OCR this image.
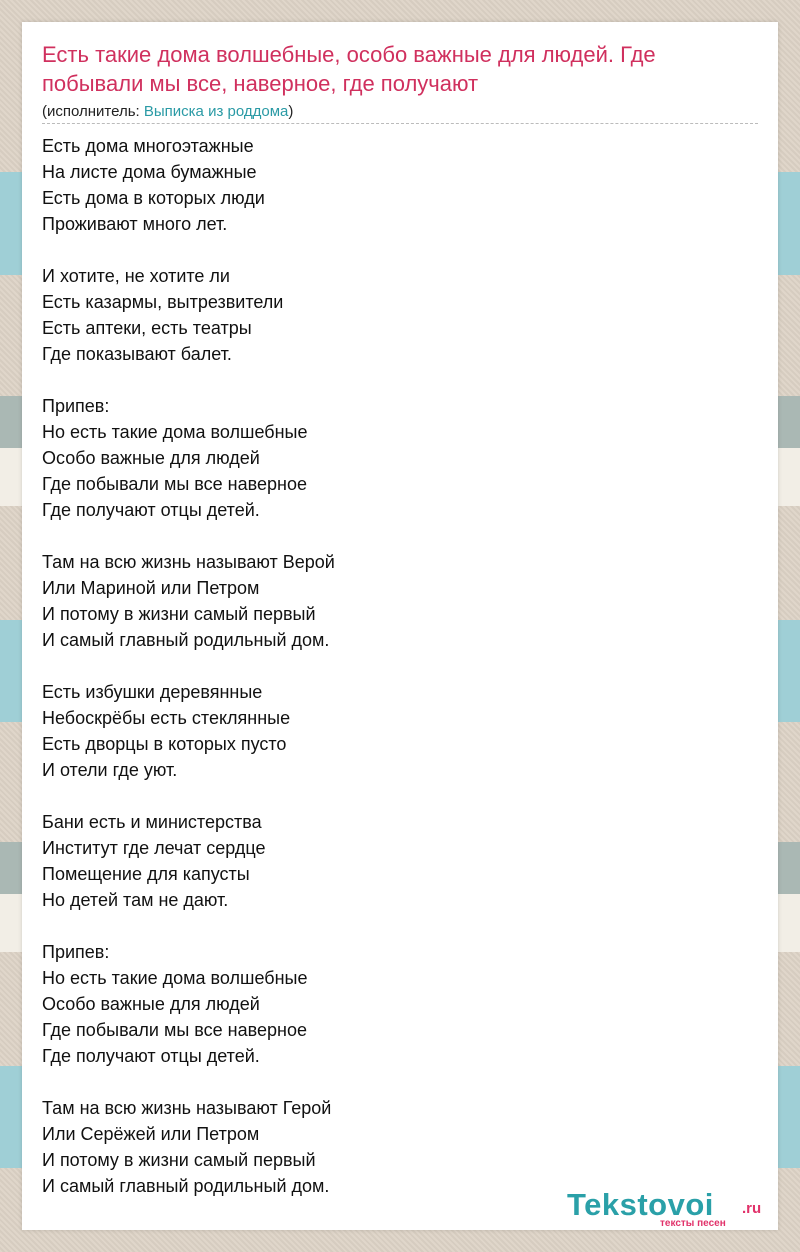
Есть такие дома волшебные, особо важные для людей. Где побывали мы все, наверное, где получают
(исполнитель: Выписка из роддома)
Есть дома многоэтажные
На листе дома бумажные
Есть дома в которых люди
Проживают много лет.
И хотите, не хотите ли
Есть казармы, вытрезвители
Есть аптеки, есть театры
Где показывают балет.
Припев:
Но есть такие дома волшебные
Особо важные для людей
Где побывали мы все наверное
Где получают отцы детей.
Там на всю жизнь называют Верой
Или Мариной или Петром
И потому в жизни самый первый
И самый главный родильный дом.
Есть избушки деревянные
Небоскрёбы есть стеклянные
Есть дворцы в которых пусто
И отели где уют.
Бани есть и министерства
Институт где лечат сердце
Помещение для капусты
Но детей там не дают.
Припев:
Но есть такие дома волшебные
Особо важные для людей
Где побывали мы все наверное
Где получают отцы детей.
Там на всю жизнь называют Герой
Или Серёжей или Петром
И потому в жизни самый первый
И самый главный родильный дом.
Tekstovoi .ru
тексты песен
